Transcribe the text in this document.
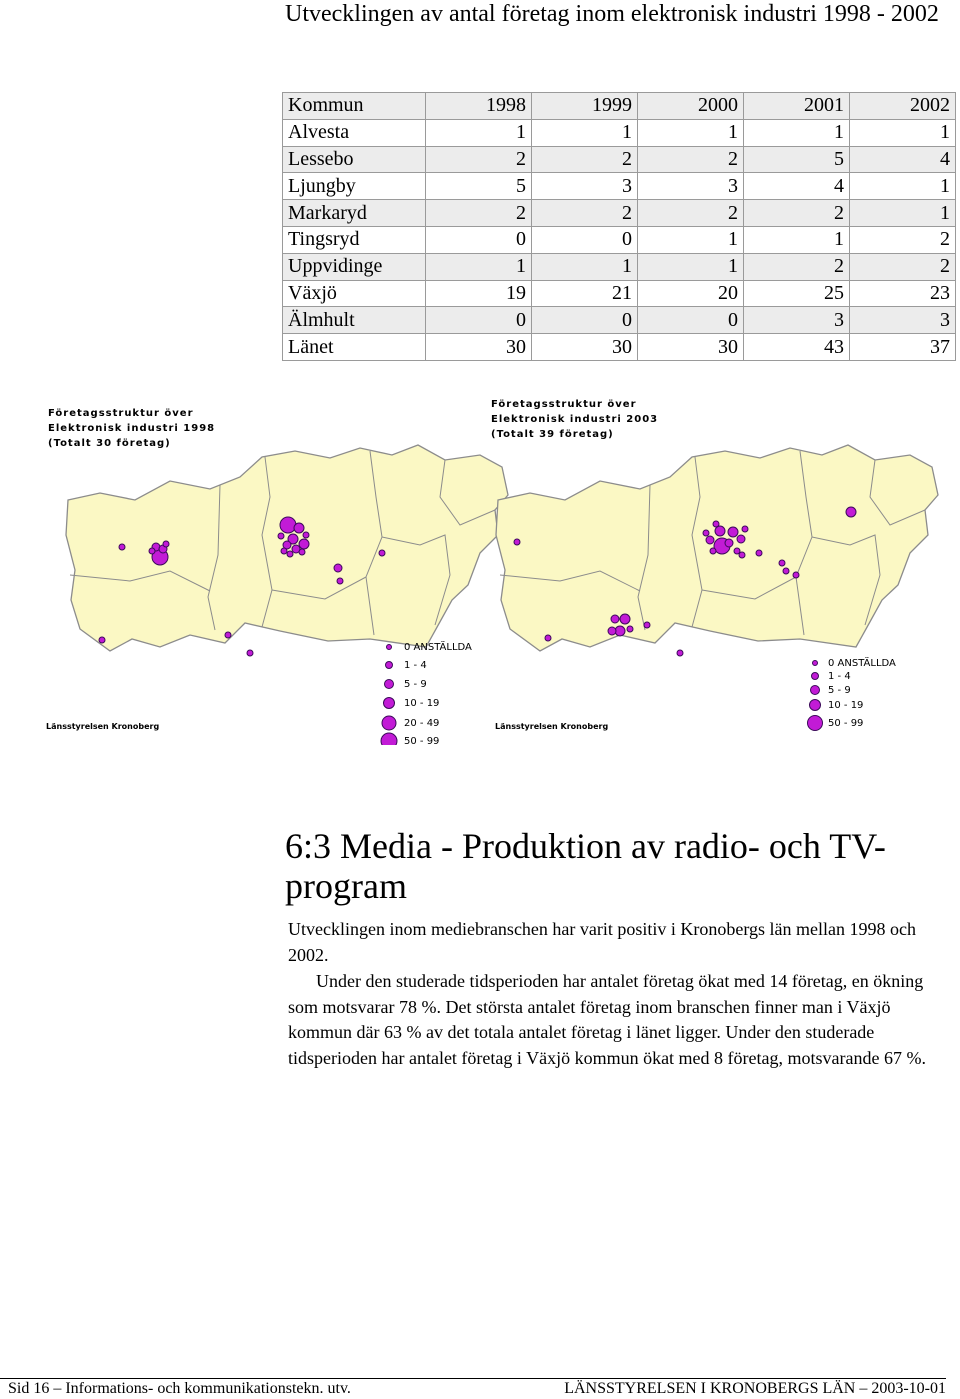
Utvecklingen av antal företag inom elektronisk industri 1998 - 2002
Kommun	1998	1999	2000	2001	2002
Alvesta	1	1	1	1	1
Lessebo	2	2	2	5	4
Ljungby	5	3	3	4	1
Markaryd	2	2	2	2	1
Tingsryd	0	0	1	1	2
Uppvidinge	1	1	1	2	2
Växjö	19	21	20	25	23
Älmhult	0	0	0	3	3
Länet	30	30	30	43	37
Företagsstruktur över
Elektronisk industri 1998
(Totalt 30 företag)
0 ANSTÄLLDA
1 - 4
5 - 9
10 - 19
20 - 49
50 - 99
Länsstyrelsen Kronoberg
Företagsstruktur över
Elektronisk industri 2003
(Totalt 39 företag)
0 ANSTÄLLDA
1 - 4
5 - 9
10 - 19
50 - 99
Länsstyrelsen Kronoberg
6:3 Media - Produktion av radio- och TV-program

Utvecklingen inom mediebranschen har varit positiv i Kronobergs län mellan 1998 och 2002.

Under den studerade tidsperioden har antalet företag ökat med 14 företag, en ökning som motsvarar 78 %. Det största antalet företag inom branschen finner man i Växjö kommun där 63 % av det totala antalet företag i länet ligger. Under den studerade tidsperioden har antalet företag i Växjö kommun ökat med 8 företag, motsvarande 67 %.

Sid 16 – Informations- och kommunikationstekn. utv.	LÄNSSTYRELSEN I KRONOBERGS LÄN – 2003-10-01
